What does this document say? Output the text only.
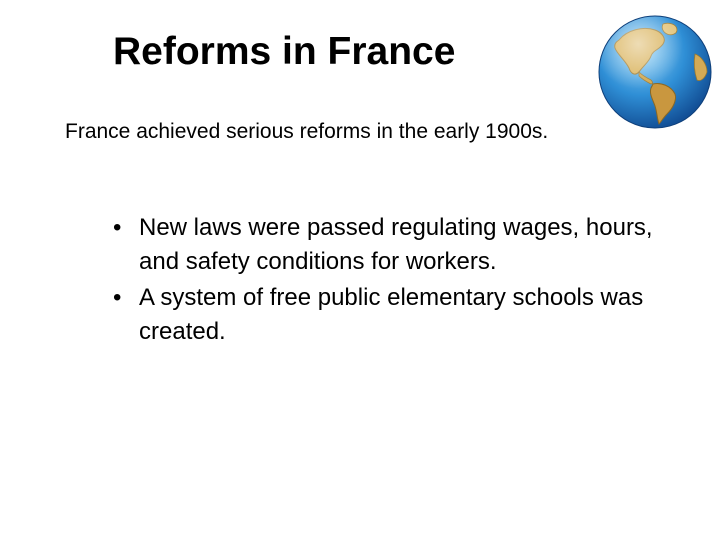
Reforms in France
France achieved serious reforms in the early 1900s.
• New laws were passed regulating wages, hours, and safety conditions for workers.
• A system of free public elementary schools was created.
